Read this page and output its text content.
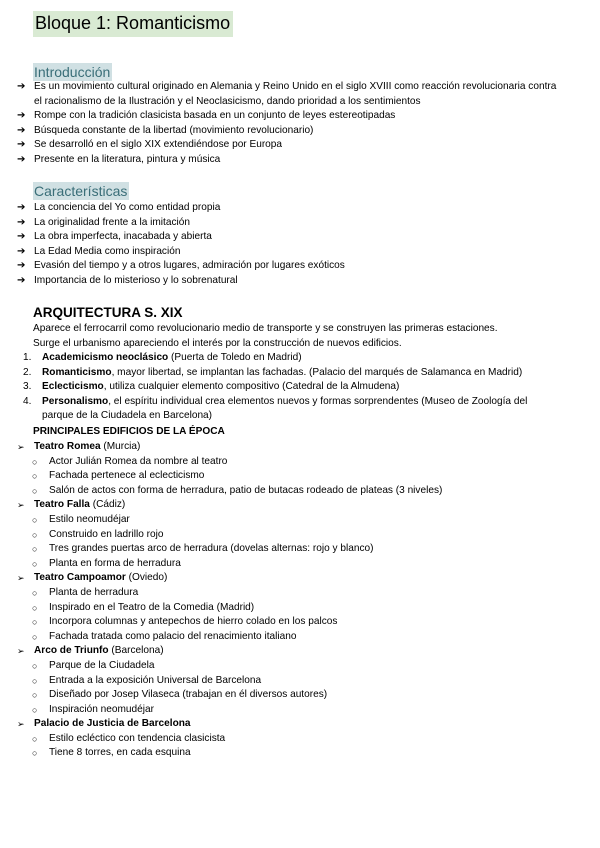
Bloque 1: Romanticismo
Introducción
➔ Es un movimiento cultural originado en Alemania y Reino Unido en el siglo XVIII como reacción revolucionaria contra el racionalismo de la Ilustración y el Neoclasicismo, dando prioridad a los sentimientos
➔ Rompe con la tradición clasicista basada en un conjunto de leyes estereotipadas
➔ Búsqueda constante de la libertad (movimiento revolucionario)
➔ Se desarrolló en el siglo XIX extendiéndose por Europa
➔ Presente en la literatura, pintura y música
Características
➔ La conciencia del Yo como entidad propia
➔ La originalidad frente a la imitación
➔ La obra imperfecta, inacabada y abierta
➔ La Edad Media como inspiración
➔ Evasión del tiempo y a otros lugares, admiración por lugares exóticos
➔ Importancia de lo misterioso y lo sobrenatural
ARQUITECTURA S. XIX
Aparece el ferrocarril como revolucionario medio de transporte y se construyen las primeras estaciones.
Surge el urbanismo apareciendo el interés por la construcción de nuevos edificios.
1. Academicismo neoclásico (Puerta de Toledo en Madrid)
2. Romanticismo, mayor libertad, se implantan las fachadas. (Palacio del marqués de Salamanca en Madrid)
3. Eclecticismo, utiliza cualquier elemento compositivo (Catedral de la Almudena)
4. Personalismo, el espíritu individual crea elementos nuevos y formas sorprendentes (Museo de Zoología del parque de la Ciudadela en Barcelona)
PRINCIPALES EDIFICIOS DE LA ÉPOCA
➢ Teatro Romea (Murcia)
○ Actor Julián Romea da nombre al teatro
○ Fachada pertenece al eclecticismo
○ Salón de actos con forma de herradura, patio de butacas rodeado de plateas (3 niveles)
➢ Teatro Falla (Cádiz)
○ Estilo neomudéjar
○ Construido en ladrillo rojo
○ Tres grandes puertas arco de herradura (dovelas alternas: rojo y blanco)
○ Planta en forma de herradura
➢ Teatro Campoamor (Oviedo)
○ Planta de herradura
○ Inspirado en el Teatro de la Comedia (Madrid)
○ Incorpora columnas y antepechos de hierro colado en los palcos
○ Fachada tratada como palacio del renacimiento italiano
➢ Arco de Triunfo (Barcelona)
○ Parque de la Ciudadela
○ Entrada a la exposición Universal de Barcelona
○ Diseñado por Josep Vilaseca (trabajan en él diversos autores)
○ Inspiración neomudéjar
➢ Palacio de Justicia de Barcelona
○ Estilo ecléctico con tendencia clasicista
○ Tiene 8 torres, en cada esquina
